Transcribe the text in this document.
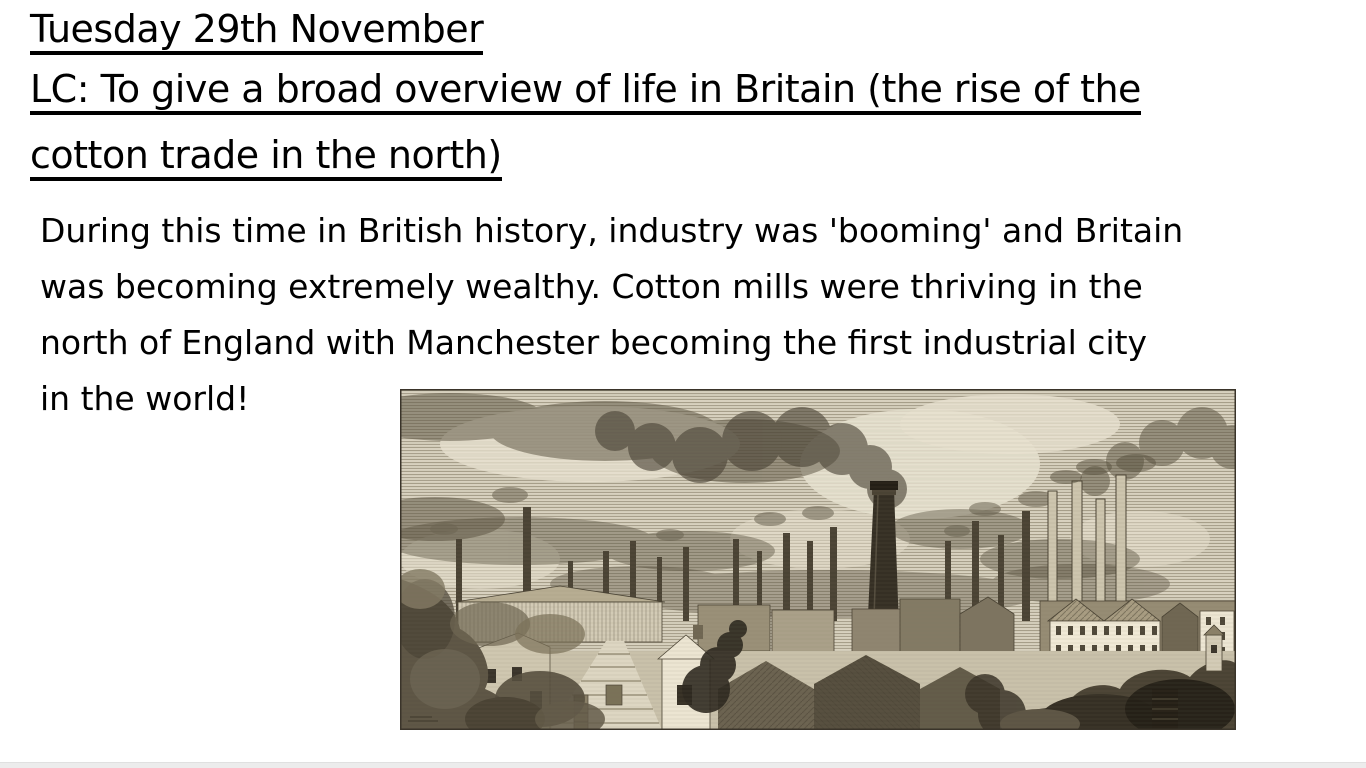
Tuesday 29th November
LC: To give a broad overview of life in Britain (the rise of the
cotton trade in the north)
During this time in British history, industry was 'booming' and Britain
was becoming extremely wealthy. Cotton mills were thriving in the
north of England with Manchester becoming the first industrial city
in the world!
